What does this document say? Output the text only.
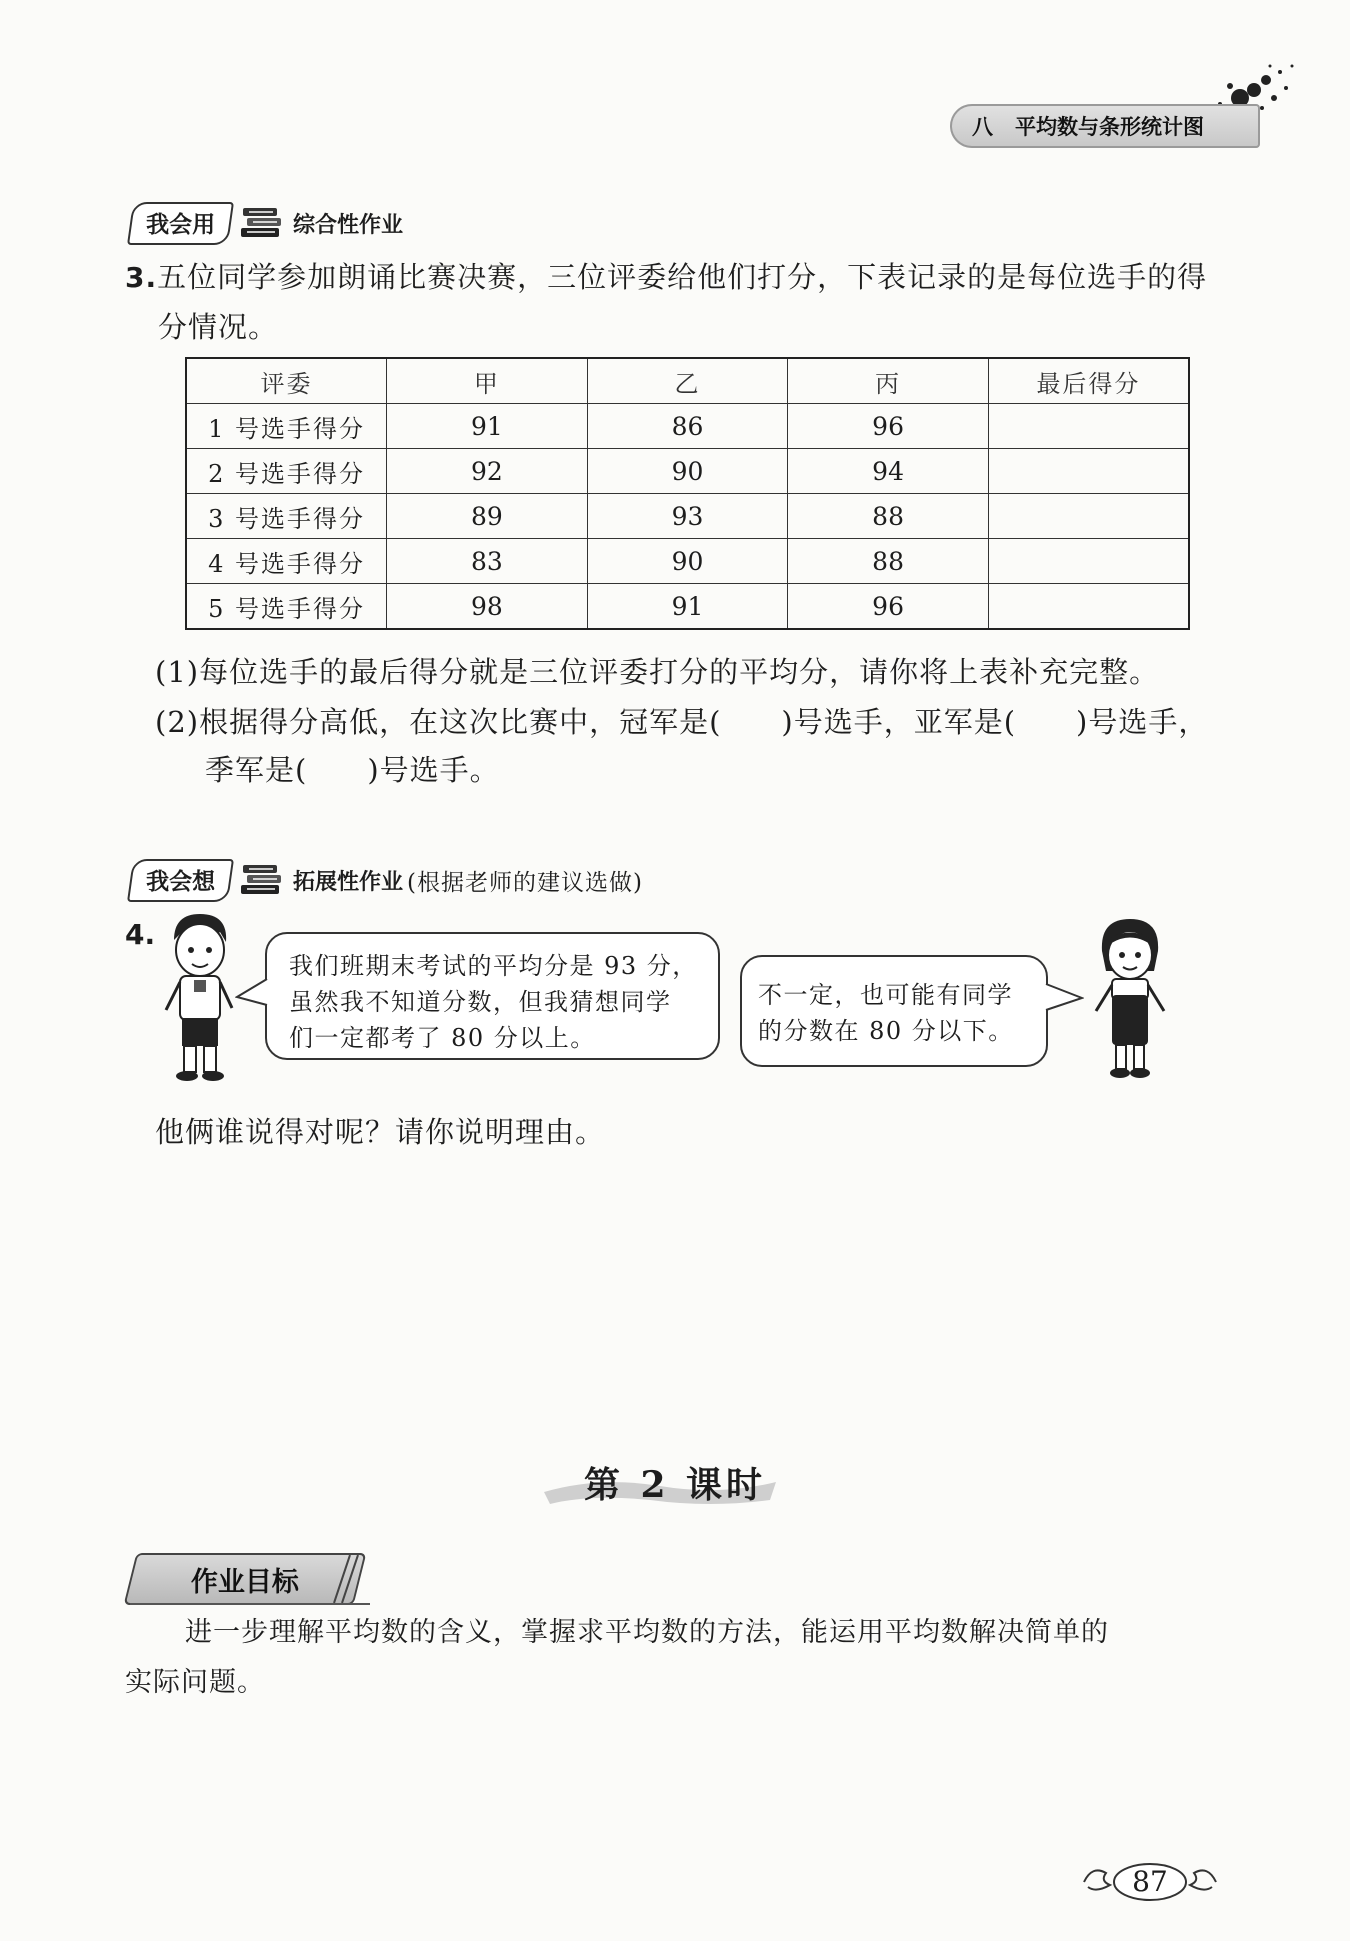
八 平均数与条形统计图
我会用	综合性作业
3.五位同学参加朗诵比赛决赛，三位评委给他们打分，下表记录的是每位选手的得
分情况。
评委	甲	乙	丙	最后得分
1 号选手得分	91	86	96	
2 号选手得分	92	90	94	
3 号选手得分	89	93	88	
4 号选手得分	83	90	88	
5 号选手得分	98	91	96	
(1)每位选手的最后得分就是三位评委打分的平均分，请你将上表补充完整。
(2)根据得分高低，在这次比赛中，冠军是(　　)号选手，亚军是(　　)号选手，
季军是(　　)号选手。
我会想	拓展性作业 (根据老师的建议选做)
4.
我们班期末考试的平均分是 93 分，
虽然我不知道分数，但我猜想同学
们一定都考了 80 分以上。
不一定，也可能有同学
的分数在 80 分以下。
他俩谁说得对呢？请你说明理由。
第 2 课时
作业目标
进一步理解平均数的含义，掌握求平均数的方法，能运用平均数解决简单的
实际问题。
87
